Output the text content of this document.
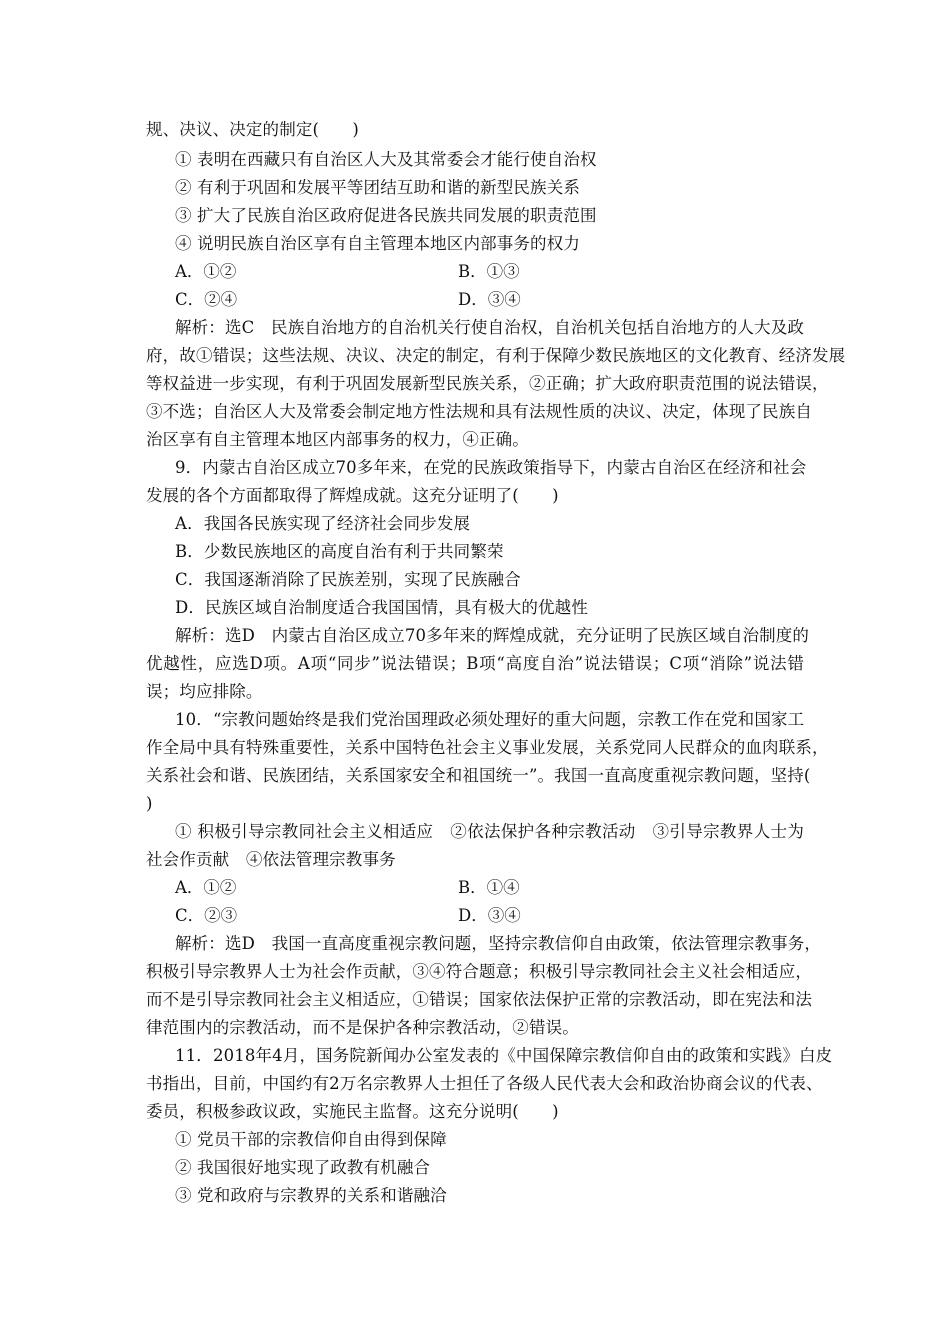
规、决议、决定的制定(　　)
① 表明在西藏只有自治区人大及其常委会才能行使自治权
② 有利于巩固和发展平等团结互助和谐的新型民族关系
③ 扩大了民族自治区政府促进各民族共同发展的职责范围
④ 说明民族自治区享有自主管理本地区内部事务的权力
A．①②	B．①③
C．②④	D．③④
解析：选C　民族自治地方的自治机关行使自治权，自治机关包括自治地方的人大及政
府，故①错误；这些法规、决议、决定的制定，有利于保障少数民族地区的文化教育、经济发展
等权益进一步实现，有利于巩固发展新型民族关系，②正确；扩大政府职责范围的说法错误，
③不选；自治区人大及常委会制定地方性法规和具有法规性质的决议、决定，体现了民族自
治区享有自主管理本地区内部事务的权力，④正确。
9．内蒙古自治区成立70多年来，在党的民族政策指导下，内蒙古自治区在经济和社会
发展的各个方面都取得了辉煌成就。这充分证明了(　　)
A．我国各民族实现了经济社会同步发展
B．少数民族地区的高度自治有利于共同繁荣
C．我国逐渐消除了民族差别，实现了民族融合
D．民族区域自治制度适合我国国情，具有极大的优越性
解析：选D　内蒙古自治区成立70多年来的辉煌成就，充分证明了民族区域自治制度的
优越性，应选D项。A项“同步”说法错误；B项“高度自治”说法错误；C项“消除”说法错
误；均应排除。
10．“宗教问题始终是我们党治国理政必须处理好的重大问题，宗教工作在党和国家工
作全局中具有特殊重要性，关系中国特色社会主义事业发展，关系党同人民群众的血肉联系，
关系社会和谐、民族团结，关系国家安全和祖国统一”。我国一直高度重视宗教问题，坚持(
)
① 积极引导宗教同社会主义相适应　②依法保护各种宗教活动　③引导宗教界人士为
社会作贡献　④依法管理宗教事务
A．①②	B．①④
C．②③	D．③④
解析：选D　我国一直高度重视宗教问题，坚持宗教信仰自由政策，依法管理宗教事务，
积极引导宗教界人士为社会作贡献，③④符合题意；积极引导宗教同社会主义社会相适应，
而不是引导宗教同社会主义相适应，①错误；国家依法保护正常的宗教活动，即在宪法和法
律范围内的宗教活动，而不是保护各种宗教活动，②错误。
11．2018年4月，国务院新闻办公室发表的《中国保障宗教信仰自由的政策和实践》白皮
书指出，目前，中国约有2万名宗教界人士担任了各级人民代表大会和政治协商会议的代表、
委员，积极参政议政，实施民主监督。这充分说明(　　)
① 党员干部的宗教信仰自由得到保障
② 我国很好地实现了政教有机融合
③ 党和政府与宗教界的关系和谐融洽
